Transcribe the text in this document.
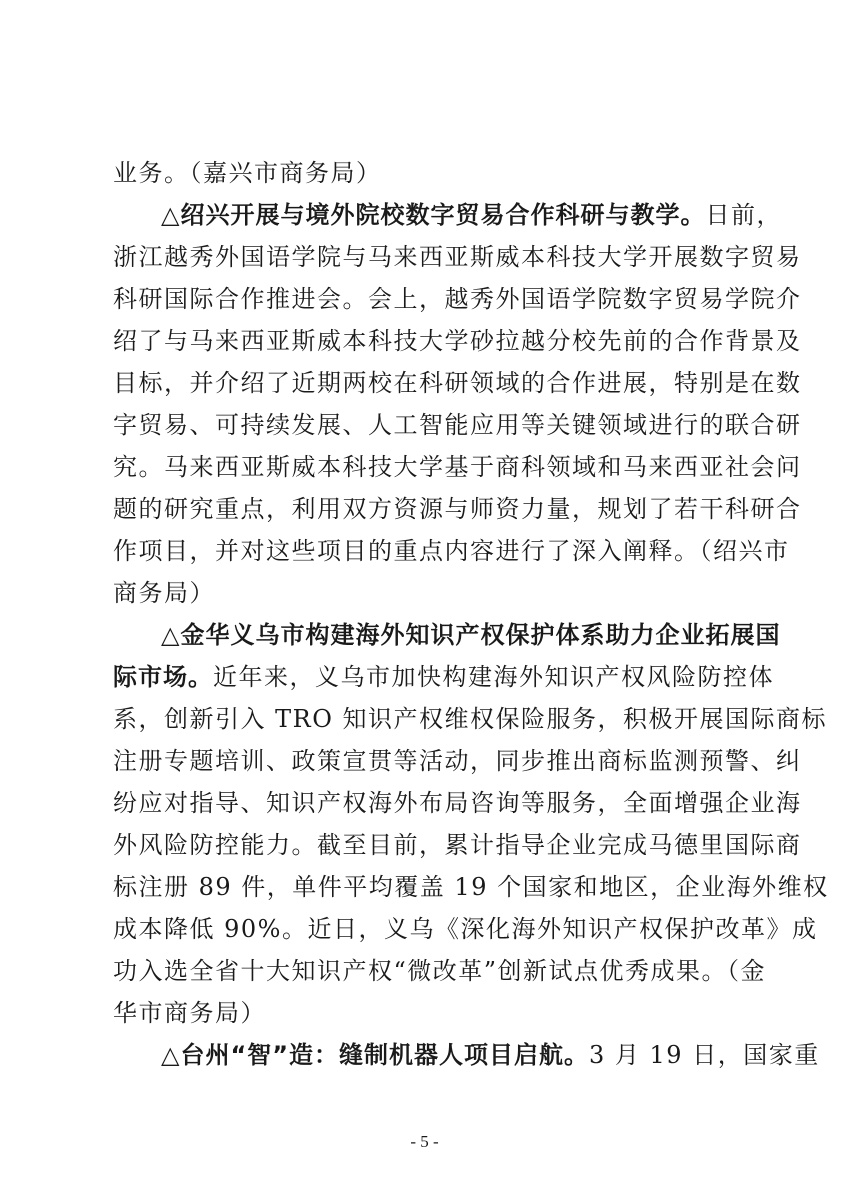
业务。（嘉兴市商务局）
△绍兴开展与境外院校数字贸易合作科研与教学。日前，
浙江越秀外国语学院与马来西亚斯威本科技大学开展数字贸易
科研国际合作推进会。会上，越秀外国语学院数字贸易学院介
绍了与马来西亚斯威本科技大学砂拉越分校先前的合作背景及
目标，并介绍了近期两校在科研领域的合作进展，特别是在数
字贸易、可持续发展、人工智能应用等关键领域进行的联合研
究。马来西亚斯威本科技大学基于商科领域和马来西亚社会问
题的研究重点，利用双方资源与师资力量，规划了若干科研合
作项目，并对这些项目的重点内容进行了深入阐释。（绍兴市
商务局）
△金华义乌市构建海外知识产权保护体系助力企业拓展国
际市场。近年来，义乌市加快构建海外知识产权风险防控体
系，创新引入 TRO 知识产权维权保险服务，积极开展国际商标
注册专题培训、政策宣贯等活动，同步推出商标监测预警、纠
纷应对指导、知识产权海外布局咨询等服务，全面增强企业海
外风险防控能力。截至目前，累计指导企业完成马德里国际商
标注册 89 件，单件平均覆盖 19 个国家和地区，企业海外维权
成本降低 90%。近日，义乌《深化海外知识产权保护改革》成
功入选全省十大知识产权“微改革”创新试点优秀成果。（金
华市商务局）
△台州“智”造：缝制机器人项目启航。3 月 19 日，国家重
- 5 -
